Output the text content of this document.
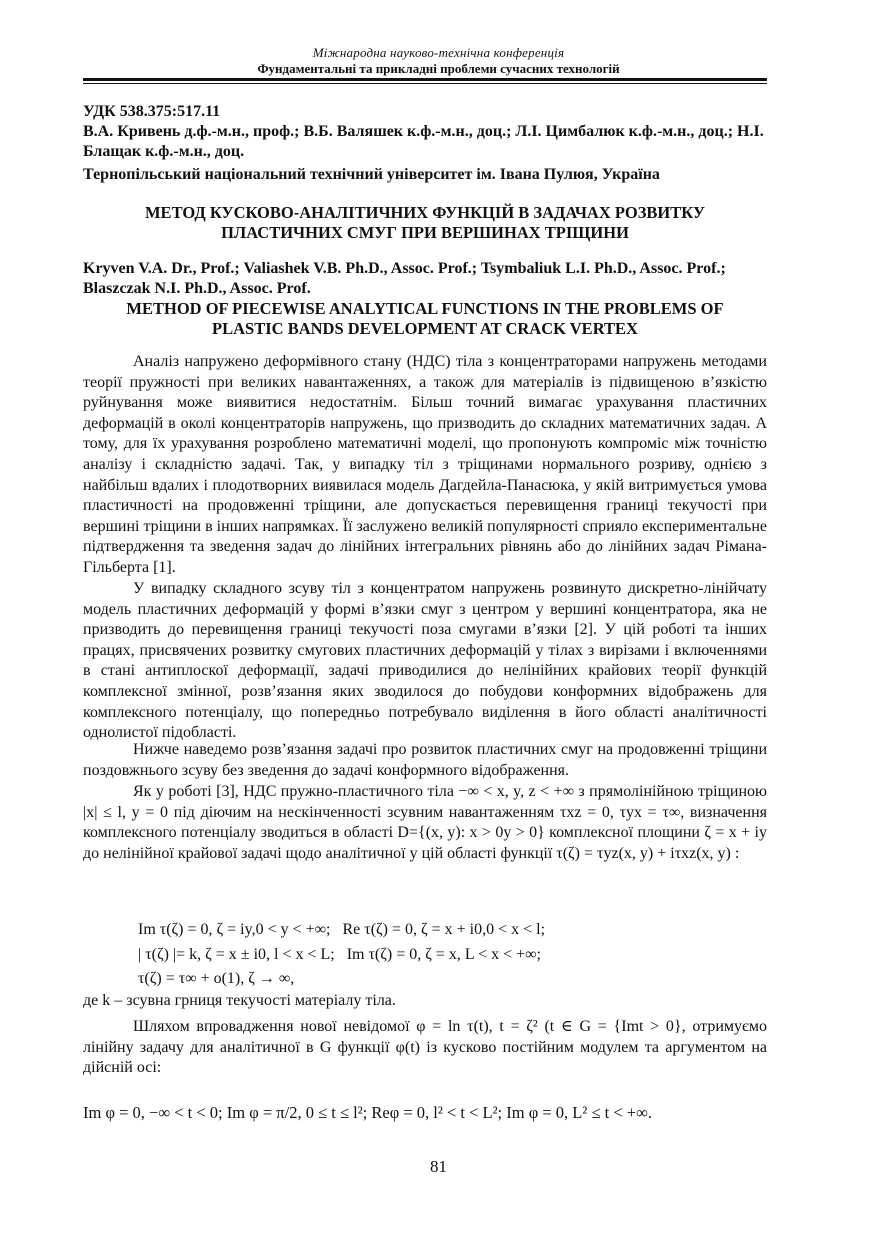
Міжнародна науково-технічна конференція
Фундаментальні та прикладні проблеми сучасних технологій
УДК 538.375:517.11
В.А. Кривень д.ф.-м.н., проф.; В.Б. Валяшек к.ф.-м.н., доц.; Л.І. Цимбалюк к.ф.-м.н., доц.; Н.І. Блащак к.ф.-м.н., доц.
Тернопільський національний технічний університет ім. Івана Пулюя, Україна
МЕТОД КУСКОВО-АНАЛІТИЧНИХ ФУНКЦІЙ В ЗАДАЧАХ РОЗВИТКУ ПЛАСТИЧНИХ СМУГ ПРИ ВЕРШИНАХ ТРІЩИНИ
Kryven V.A. Dr., Prof.; Valiashek V.B. Ph.D., Assoc. Prof.; Tsymbaliuk L.I. Ph.D., Assoc. Prof.; Blaszczak N.I. Ph.D., Assoc. Prof.
METHOD OF PIECEWISE ANALYTICAL FUNCTIONS IN THE PROBLEMS OF PLASTIC BANDS DEVELOPMENT AT CRACK VERTEX
Аналіз напружено деформівного стану (НДС) тіла з концентраторами напружень методами теорії пружності при великих навантаженнях, а також для матеріалів із підвищеною в’язкістю руйнування може виявитися недостатнім. Більш точний вимагає урахування пластичних деформацій в околі концентраторів напружень, що призводить до складних математичних задач. А тому, для їх урахування розроблено математичні моделі, що пропонують компроміс між точністю аналізу і складністю задачі. Так, у випадку тіл з тріщинами нормального розриву, однією з найбільш вдалих і плодотворних виявилася модель Дагдейла-Панасюка, у якій витримується умова пластичності на продовженні тріщини, але допускається перевищення границі текучості при вершині тріщини в інших напрямках. Її заслужено великій популярності сприяло експериментальне підтвердження та зведення задач до лінійних інтегральних рівнянь або до лінійних задач Рімана-Гільберта [1].
У випадку складного зсуву тіл з концентратом напружень розвинуто дискретно-лінійчату модель пластичних деформацій у формі в’язки смуг з центром у вершині концентратора, яка не призводить до перевищення границі текучості поза смугами в’язки [2]. У цій роботі та інших працях, присвячених розвитку смугових пластичних деформацій у тілах з вирізами і включеннями в стані антиплоскої деформації, задачі приводилися до нелінійних крайових теорії функцій комплексної змінної, розв’язання яких зводилося до побудови конформних відображень для комплексного потенціалу, що попередньо потребувало виділення в його області аналітичності однолистої підобласті.
Нижче наведемо розв’язання задачі про розвиток пластичних смуг на продовженні тріщини поздовжнього зсуву без зведення до задачі конформного відображення.
Як у роботі [3], НДС пружно-пластичного тіла −∞ < x, y, z < +∞ з прямолінійною тріщиною |x| ≤ l, y = 0 під діючим на нескінченності зсувним навантаженням τxz = 0, τyx = τ∞, визначення комплексного потенціалу зводиться в області D={(x, y): x > 0y > 0} комплексної площини ζ = x + iy до нелінійної крайової задачі щодо аналітичної у цій області функції τ(ζ) = τyz(x, y) + iτxz(x, y) :
Im τ(ζ) = 0, ζ = iy,0 < y < +∞;   Re τ(ζ) = 0, ζ = x + i0,0 < x < l;
| τ(ζ) |= k, ζ = x ± i0, l < x < L;   Im τ(ζ) = 0, ζ = x, L < x < +∞;
τ(ζ) = τ∞ + o(1), ζ → ∞,
де k – зсувна грниця текучості матеріалу тіла.
Шляхом впровадження нової невідомої φ = ln τ(t), t = ζ² (t ∈ G = {Imt > 0}, отримуємо лінійну задачу для аналітичної в G функції φ(t) із кусково постійним модулем та аргументом на дійсній осі:
Im φ = 0, −∞ < t < 0; Im φ = π/2, 0 ≤ t ≤ l²; Reφ = 0, l² < t < L²; Im φ = 0, L² ≤ t < +∞.
81
